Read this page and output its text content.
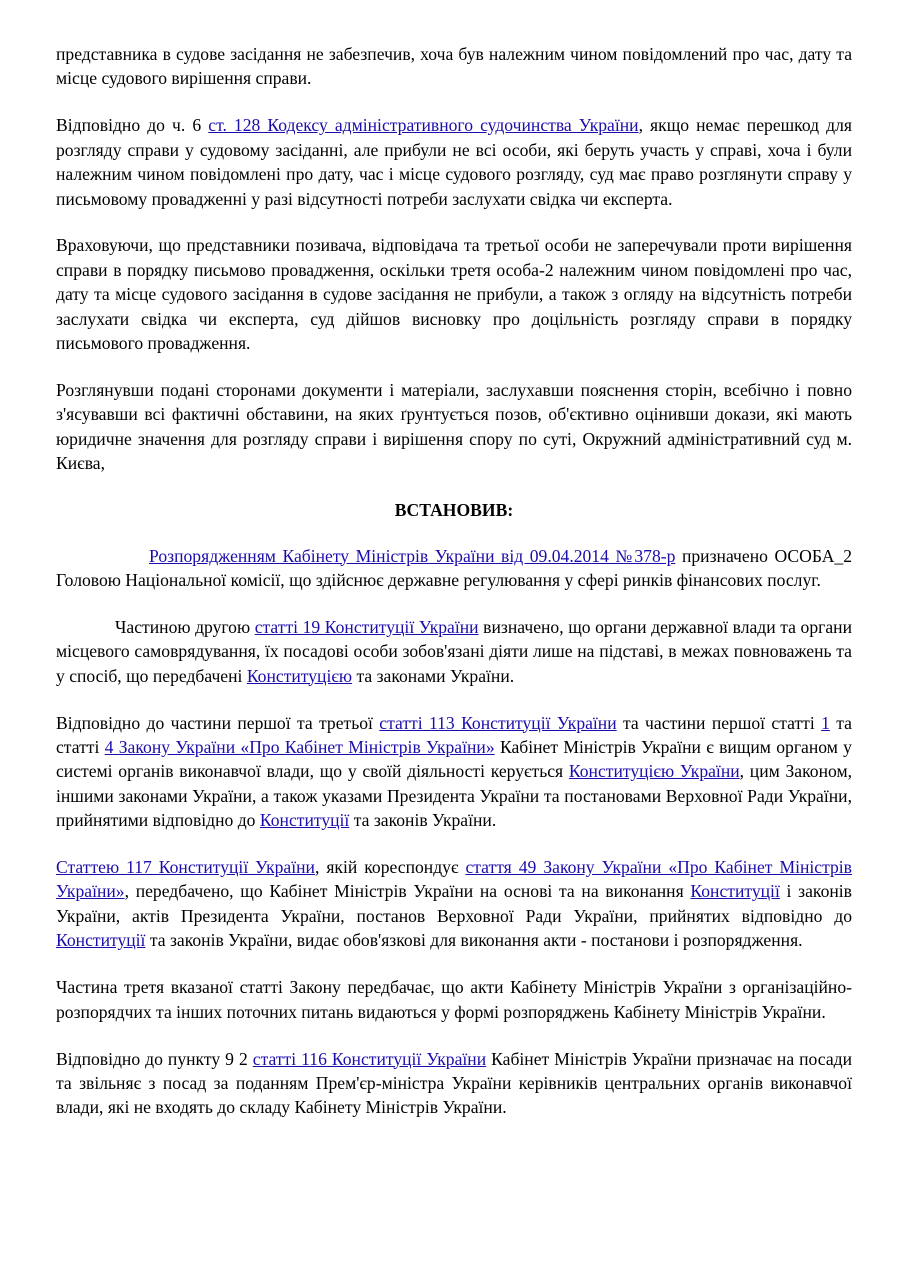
представника в судове засідання не забезпечив, хоча був належним чином повідомлений про час, дату та місце судового вирішення справи.

Відповідно до ч. 6 ст. 128 Кодексу адміністративного судочинства України, якщо немає перешкод для розгляду справи у судовому засіданні, але прибули не всі особи, які беруть участь у справі, хоча і були належним чином повідомлені про дату, час і місце судового розгляду, суд має право розглянути справу у письмовому провадженні у разі відсутності потреби заслухати свідка чи експерта.

Враховуючи, що представники позивача, відповідача та третьої особи не заперечували проти вирішення справи в порядку письмово провадження, оскільки третя особа-2 належним чином повідомлені про час, дату та місце судового засідання в судове засідання не прибули, а також з огляду на відсутність потреби заслухати свідка чи експерта, суд дійшов висновку про доцільність розгляду справи в порядку письмового провадження.

Розглянувши подані сторонами документи і матеріали, заслухавши пояснення сторін, всебічно і повно з'ясувавши всі фактичні обставини, на яких ґрунтується позов, об'єктивно оцінивши докази, які мають юридичне значення для розгляду справи і вирішення спору по суті, Окружний адміністративний суд м. Києва,

ВСТАНОВИВ:

Розпорядженням Кабінету Міністрів України від 09.04.2014 №378-р призначено ОСОБА_2 Головою Національної комісії, що здійснює державне регулювання у сфері ринків фінансових послуг.

Частиною другою статті 19 Конституції України визначено, що органи державної влади та органи місцевого самоврядування, їх посадові особи зобов'язані діяти лише на підставі, в межах повноважень та у спосіб, що передбачені Конституцією та законами України.

Відповідно до частини першої та третьої статті 113 Конституції України та частини першої статті 1 та статті 4 Закону України «Про Кабінет Міністрів України» Кабінет Міністрів України є вищим органом у системі органів виконавчої влади, що у своїй діяльності керується Конституцією України, цим Законом, іншими законами України, а також указами Президента України та постановами Верховної Ради України, прийнятими відповідно до Конституції та законів України.

Статтею 117 Конституції України, якій кореспондує стаття 49 Закону України «Про Кабінет Міністрів України», передбачено, що Кабінет Міністрів України на основі та на виконання Конституції і законів України, актів Президента України, постанов Верховної Ради України, прийнятих відповідно до Конституції та законів України, видає обов'язкові для виконання акти - постанови і розпорядження.

Частина третя вказаної статті Закону передбачає, що акти Кабінету Міністрів України з організаційно-розпорядчих та інших поточних питань видаються у формі розпоряджень Кабінету Міністрів України.

Відповідно до пункту 9 2 статті 116 Конституції України Кабінет Міністрів України призначає на посади та звільняє з посад за поданням Прем'єр-міністра України керівників центральних органів виконавчої влади, які не входять до складу Кабінету Міністрів України.
